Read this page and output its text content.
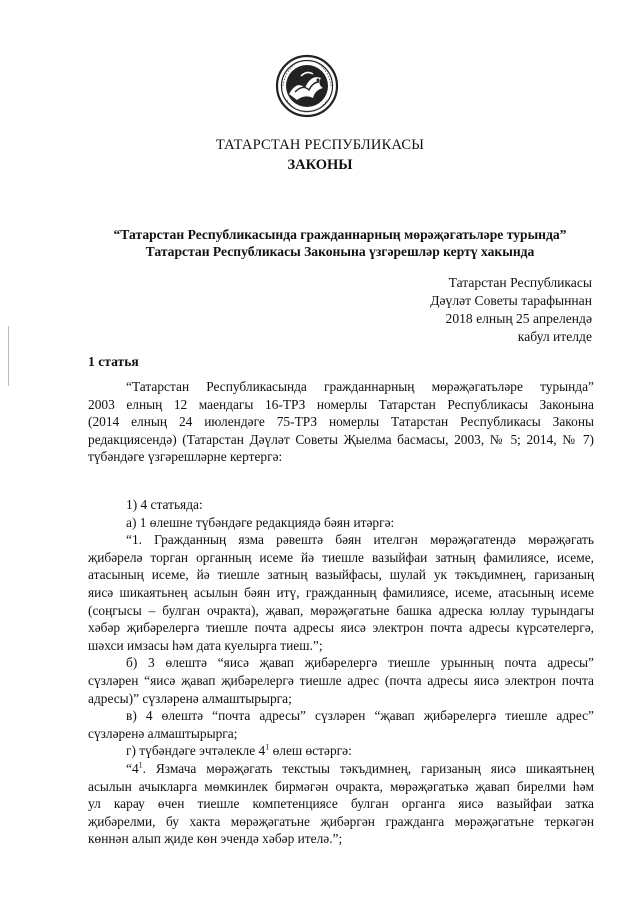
ТАТАРСТАН РЕСПУБЛИКАСЫ
ЗАКОНЫ
“Татарстан Республикасында гражданнарның мөрәҗәгатьләре турында”
Татарстан Республикасы Законына үзгәрешләр кертү хакында
Татарстан Республикасы
Дәүләт Советы тарафыннан
2018 елның 25 апрелендә
кабул ителде
1 статья
“Татарстан Республикасында гражданнарның мөрәҗәгатьләре турында”
2003 елның 12 маендагы 16-ТРЗ номерлы Татарстан Республикасы Законына
(2014 елның 24 июлендәге 75-ТРЗ номерлы Татарстан Республикасы Законы
редакциясендә) (Татарстан Дәүләт Советы Җыелма басмасы, 2003, № 5; 2014, № 7)
түбәндәге үзгәрешләрне кертергә:
1) 4 статьяда:
а) 1 өлешне түбәндәге редакциядә бәян итәргә:
“1. Гражданның язма рәвештә бәян ителгән мөрәҗәгатендә мөрәҗәгать
җибәрелә торган органның исеме йә тиешле вазыйфаи затның фамилиясе, исеме,
атасының исеме, йә тиешле затның вазыйфасы, шулай ук тәкъдимнең, гаризаның
яисә шикаятьнең асылын бәян итү, гражданның фамилиясе, исеме, атасының исеме
(соңгысы – булган очракта), җавап, мөрәҗәгатьне башка адреска юллау турындагы
хәбәр җибәрелергә тиешле почта адресы яисә электрон почта адресы күрсәтелергә,
шәхси имзасы һәм дата куелырга тиеш.”;
б) 3 өлештә “яисә җавап җибәрелергә тиешле урынның почта адресы”
сүзләрен “яисә җавап җибәрелергә тиешле адрес (почта адресы яисә электрон почта
адресы)” сүзләренә алмаштырырга;
в) 4 өлештә “почта адресы” сүзләрен “җавап җибәрелергә тиешле адрес”
сүзләренә алмаштырырга;
г) түбәндәге эчтәлекле $4^1$ өлеш өстәргә:
“$4^1$. Язмача мөрәҗәгать текстыы тәкъдимнең, гаризаның яисә шикаятьнең
асылын ачыкларга мөмкинлек бирмәгән очракта, мөрәҗәгатькә җавап бирелми һәм
ул карау өчен тиешле компетенциясе булган органга яисә вазыйфаи затка
җибәрелми, бу хакта мөрәҗәгатьне җибәргән гражданга мөрәҗәгатьне теркәгән
көннән алып җиде көн эчендә хәбәр ителә.”;
